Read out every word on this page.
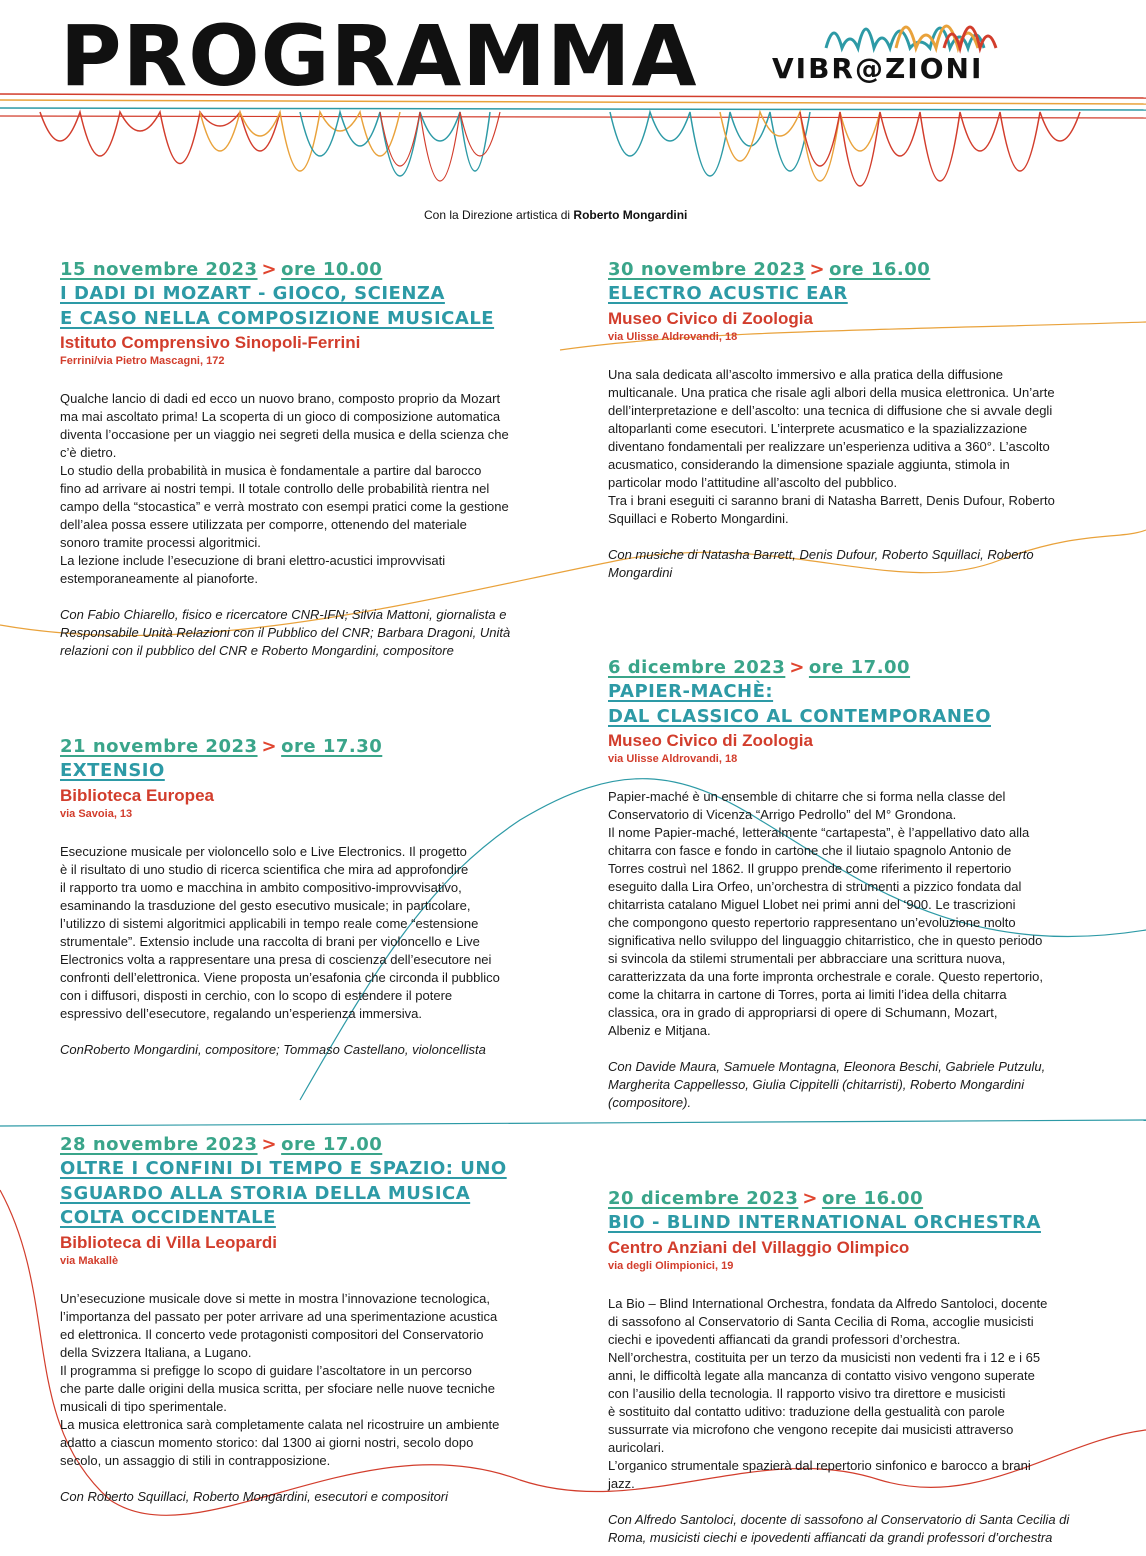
PROGRAMMA	VIBR@ZIONI
Con la Direzione artistica di Roberto Mongardini
15 novembre 2023 > ore 10.00
I DADI DI MOZART - GIOCO, SCIENZA
E CASO NELLA COMPOSIZIONE MUSICALE
Istituto Comprensivo Sinopoli-Ferrini
Ferrini/via Pietro Mascagni, 172
Qualche lancio di dadi ed ecco un nuovo brano, composto proprio da Mozart
ma mai ascoltato prima! La scoperta di un gioco di composizione automatica
diventa l’occasione per un viaggio nei segreti della musica e della scienza che
c’è dietro.
Lo studio della probabilità in musica è fondamentale a partire dal barocco
fino ad arrivare ai nostri tempi. Il totale controllo delle probabilità rientra nel
campo della “stocastica” e verrà mostrato con esempi pratici come la gestione
dell’alea possa essere utilizzata per comporre, ottenendo del materiale
sonoro tramite processi algoritmici.
La lezione include l’esecuzione di brani elettro-acustici improvvisati
estemporaneamente al pianoforte.
Con Fabio Chiarello, fisico e ricercatore CNR-IFN; Silvia Mattoni, giornalista e
Responsabile Unità Relazioni con il Pubblico del CNR; Barbara Dragoni, Unità
relazioni con il pubblico del CNR e Roberto Mongardini, compositore
30 novembre 2023 > ore 16.00
ELECTRO ACUSTIC EAR
Museo Civico di Zoologia
via Ulisse Aldrovandi, 18
Una sala dedicata all’ascolto immersivo e alla pratica della diffusione
multicanale. Una pratica che risale agli albori della musica elettronica. Un’arte
dell’interpretazione e dell’ascolto: una tecnica di diffusione che si avvale degli
altoparlanti come esecutori. L’interprete acusmatico e la spazializzazione
diventano fondamentali per realizzare un’esperienza uditiva a 360°. L’ascolto
acusmatico, considerando la dimensione spaziale aggiunta, stimola in
particolar modo l’attitudine all’ascolto del pubblico.
Tra i brani eseguiti ci saranno brani di Natasha Barrett, Denis Dufour, Roberto
Squillaci e Roberto Mongardini.
Con musiche di Natasha Barrett, Denis Dufour, Roberto Squillaci, Roberto
Mongardini
21 novembre 2023 > ore 17.30
EXTENSIO
Biblioteca Europea
via Savoia, 13
Esecuzione musicale per violoncello solo e Live Electronics. Il progetto
è il risultato di uno studio di ricerca scientifica che mira ad approfondire
il rapporto tra uomo e macchina in ambito compositivo-improvvisativo,
esaminando la trasduzione del gesto esecutivo musicale; in particolare,
l’utilizzo di sistemi algoritmici applicabili in tempo reale come “estensione
strumentale”. Extensio include una raccolta di brani per violoncello e Live
Electronics volta a rappresentare una presa di coscienza dell’esecutore nei
confronti dell’elettronica. Viene proposta un’esafonia che circonda il pubblico
con i diffusori, disposti in cerchio, con lo scopo di estendere il potere
espressivo dell’esecutore, regalando un’esperienza immersiva.
ConRoberto Mongardini, compositore; Tommaso Castellano, violoncellista
6 dicembre 2023 > ore 17.00
PAPIER-MACHÈ:
DAL CLASSICO AL CONTEMPORANEO
Museo Civico di Zoologia
via Ulisse Aldrovandi, 18
Papier-maché è un ensemble di chitarre che si forma nella classe del
Conservatorio di Vicenza “Arrigo Pedrollo” del M° Grondona.
Il nome Papier-maché, letteralmente “cartapesta”, è l’appellativo dato alla
chitarra con fasce e fondo in cartone che il liutaio spagnolo Antonio de
Torres costruì nel 1862. Il gruppo prende come riferimento il repertorio
eseguito dalla Lira Orfeo, un’orchestra di strumenti a pizzico fondata dal
chitarrista catalano Miguel Llobet nei primi anni del ‘900. Le trascrizioni
che compongono questo repertorio rappresentano un’evoluzione molto
significativa nello sviluppo del linguaggio chitarristico, che in questo periodo
si svincola da stilemi strumentali per abbracciare una scrittura nuova,
caratterizzata da una forte impronta orchestrale e corale. Questo repertorio,
come la chitarra in cartone di Torres, porta ai limiti l’idea della chitarra
classica, ora in grado di appropriarsi di opere di Schumann, Mozart,
Albeniz e Mitjana.
Con Davide Maura, Samuele Montagna, Eleonora Beschi, Gabriele Putzulu,
Margherita Cappellesso, Giulia Cippitelli (chitarristi), Roberto Mongardini
(compositore).
28 novembre 2023 > ore 17.00
OLTRE I CONFINI DI TEMPO E SPAZIO: UNO
SGUARDO ALLA STORIA DELLA MUSICA
COLTA OCCIDENTALE
Biblioteca di Villa Leopardi
via Makallè
Un’esecuzione musicale dove si mette in mostra l’innovazione tecnologica,
l’importanza del passato per poter arrivare ad una sperimentazione acustica
ed elettronica. Il concerto vede protagonisti compositori del Conservatorio
della Svizzera Italiana, a Lugano.
Il programma si prefigge lo scopo di guidare l’ascoltatore in un percorso
che parte dalle origini della musica scritta, per sfociare nelle nuove tecniche
musicali di tipo sperimentale.
La musica elettronica sarà completamente calata nel ricostruire un ambiente
adatto a ciascun momento storico: dal 1300 ai giorni nostri, secolo dopo
secolo, un assaggio di stili in contrapposizione.
Con Roberto Squillaci, Roberto Mongardini, esecutori e compositori
20 dicembre 2023 > ore 16.00
BIO - BLIND INTERNATIONAL ORCHESTRA
Centro Anziani del Villaggio Olimpico
via degli Olimpionici, 19
La Bio – Blind International Orchestra, fondata da Alfredo Santoloci, docente
di sassofono al Conservatorio di Santa Cecilia di Roma, accoglie musicisti
ciechi e ipovedenti affiancati da grandi professori d’orchestra.
Nell’orchestra, costituita per un terzo da musicisti non vedenti fra i 12 e i 65
anni, le difficoltà legate alla mancanza di contatto visivo vengono superate
con l’ausilio della tecnologia. Il rapporto visivo tra direttore e musicisti
è sostituito dal contatto uditivo: traduzione della gestualità con parole
sussurrate via microfono che vengono recepite dai musicisti attraverso
auricolari.
L’organico strumentale spazierà dal repertorio sinfonico e barocco a brani
jazz.
Con Alfredo Santoloci, docente di sassofono al Conservatorio di Santa Cecilia di
Roma, musicisti ciechi e ipovedenti affiancati da grandi professori d’orchestra
